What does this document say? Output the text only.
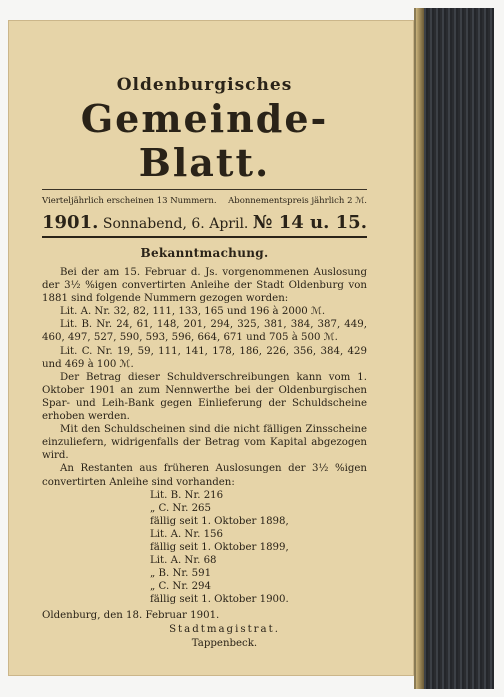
Oldenburgisches
Gemeinde-Blatt.
Vierteljährlich erscheinen 13 Nummern. Abonnementspreis jährlich 2 ℳ.
1901. Sonnabend, 6. April. № 14 u. 15.
Bekanntmachung.

Bei der am 15. Februar d. Js. vorgenommenen Auslosung der 3½ %igen convertirten Anleihe der Stadt Oldenburg von 1881 sind folgende Nummern gezogen worden:

Lit. A. Nr. 32, 82, 111, 133, 165 und 196 à 2000 ℳ.

Lit. B. Nr. 24, 61, 148, 201, 294, 325, 381, 384, 387, 449, 460, 497, 527, 590, 593, 596, 664, 671 und 705 à 500 ℳ.

Lit. C. Nr. 19, 59, 111, 141, 178, 186, 226, 356, 384, 429 und 469 à 100 ℳ.

Der Betrag dieser Schuldverschreibungen kann vom 1. Oktober 1901 an zum Nennwerthe bei der Oldenburgischen Spar- und Leih-Bank gegen Einlieferung der Schuldscheine erhoben werden.

Mit den Schuldscheinen sind die nicht fälligen Zinsscheine einzuliefern, widrigenfalls der Betrag vom Kapital abgezogen wird.

An Restanten aus früheren Auslosungen der 3½ %igen convertirten Anleihe sind vorhanden:

Lit. B. Nr. 216
„ C. Nr. 265
fällig seit 1. Oktober 1898,
Lit. A. Nr. 156
fällig seit 1. Oktober 1899,
Lit. A. Nr. 68
„ B. Nr. 591
„ C. Nr. 294
fällig seit 1. Oktober 1900.
Oldenburg, den 18. Februar 1901.
Stadtmagistrat.
Tappenbeck.
